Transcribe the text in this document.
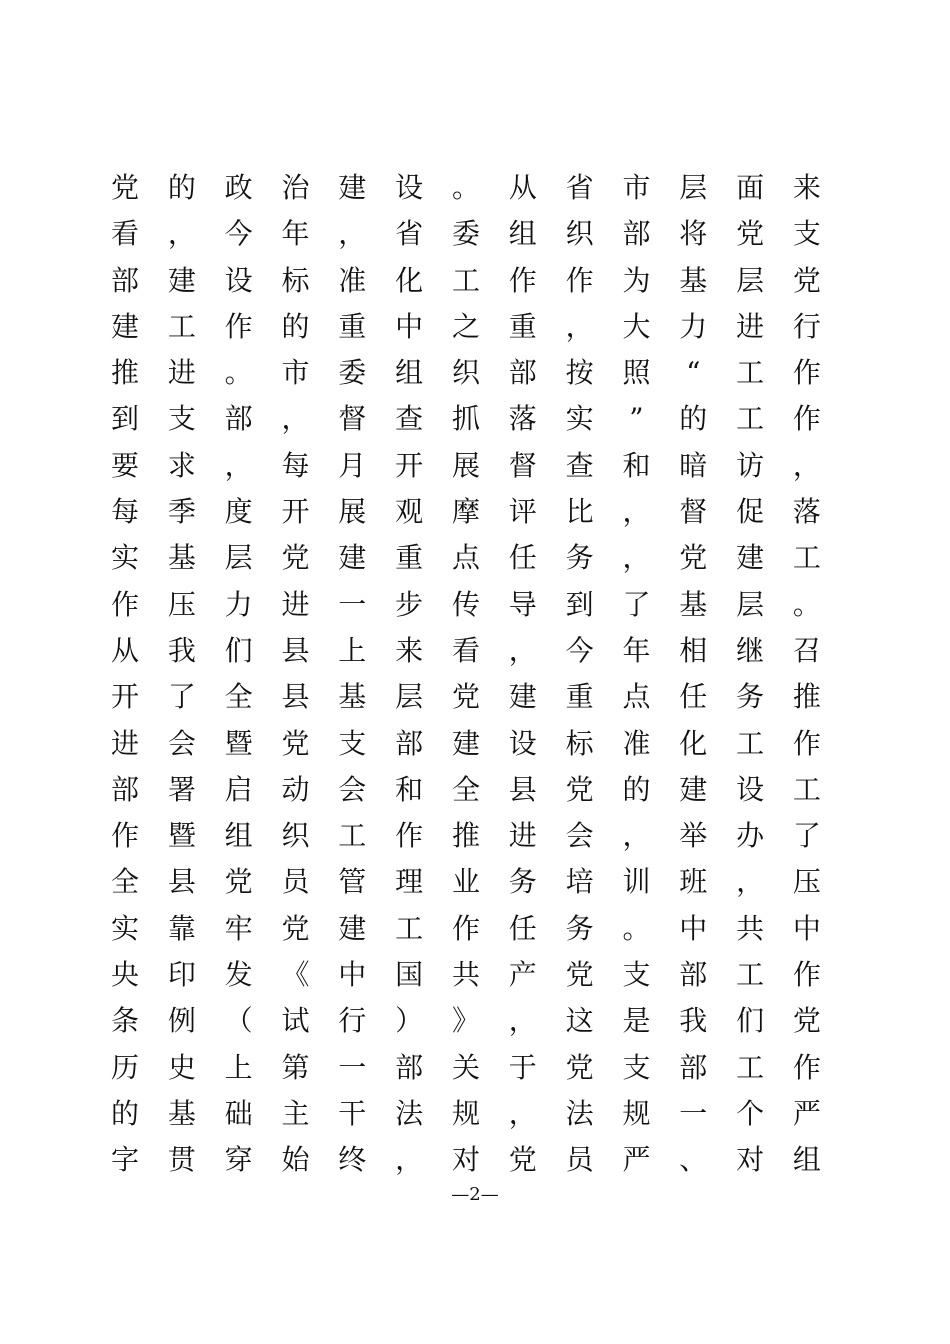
党 的 政 治 建 设 。 从 省 市 层 面 来
看 ， 今 年 ， 省 委 组 织 部 将 党 支
部 建 设 标 准 化 工 作 作 为 基 层 党
建 工 作 的 重 中 之 重 ， 大 力 进 行
推 进 。 市 委 组 织 部 按 照 “ 工 作
到 支 部 ， 督 查 抓 落 实 ” 的 工 作
要 求 ， 每 月 开 展 督 查 和 暗 访 ，
每 季 度 开 展 观 摩 评 比 ， 督 促 落
实 基 层 党 建 重 点 任 务 ， 党 建 工
作 压 力 进 一 步 传 导 到 了 基 层 。
从 我 们 县 上 来 看 ， 今 年 相 继 召
开 了 全 县 基 层 党 建 重 点 任 务 推
进 会 暨 党 支 部 建 设 标 准 化 工 作
部 署 启 动 会 和 全 县 党 的 建 设 工
作 暨 组 织 工 作 推 进 会 ， 举 办 了
全 县 党 员 管 理 业 务 培 训 班 ， 压
实 靠 牢 党 建 工 作 任 务 。 中 共 中
央 印 发 《 中 国 共 产 党 支 部 工 作
条 例 （ 试 行 ） 》 ， 这 是 我 们 党
历 史 上 第 一 部 关 于 党 支 部 工 作
的 基 础 主 干 法 规 ， 法 规 一 个 严
字 贯 穿 始 终 ， 对 党 员 严 、 对 组
—2—
